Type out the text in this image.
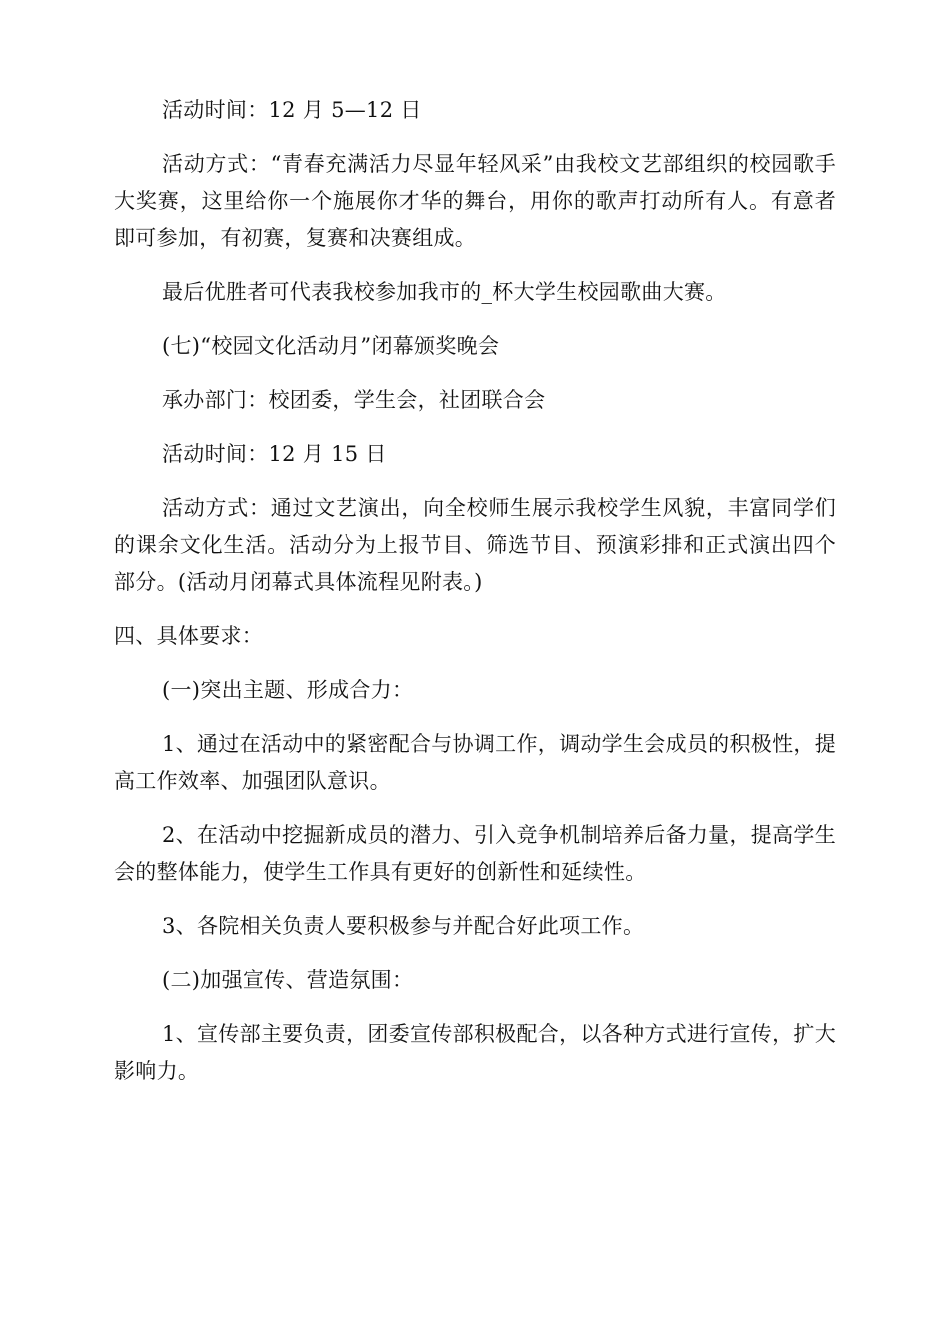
活动时间：12 月 5—12 日

活动方式：“青春充满活力尽显年轻风采”由我校文艺部组织的校园歌手大奖赛，这里给你一个施展你才华的舞台，用你的歌声打动所有人。有意者即可参加，有初赛，复赛和决赛组成。

最后优胜者可代表我校参加我市的_杯大学生校园歌曲大赛。

(七)“校园文化活动月”闭幕颁奖晚会

承办部门：校团委，学生会，社团联合会

活动时间：12 月 15 日

活动方式：通过文艺演出，向全校师生展示我校学生风貌，丰富同学们的课余文化生活。活动分为上报节目、筛选节目、预演彩排和正式演出四个部分。(活动月闭幕式具体流程见附表。)

四、具体要求：

(一)突出主题、形成合力：

1、通过在活动中的紧密配合与协调工作，调动学生会成员的积极性，提高工作效率、加强团队意识。

2、在活动中挖掘新成员的潜力、引入竞争机制培养后备力量，提高学生会的整体能力，使学生工作具有更好的创新性和延续性。

3、各院相关负责人要积极参与并配合好此项工作。

(二)加强宣传、营造氛围：

1、宣传部主要负责，团委宣传部积极配合，以各种方式进行宣传，扩大影响力。
